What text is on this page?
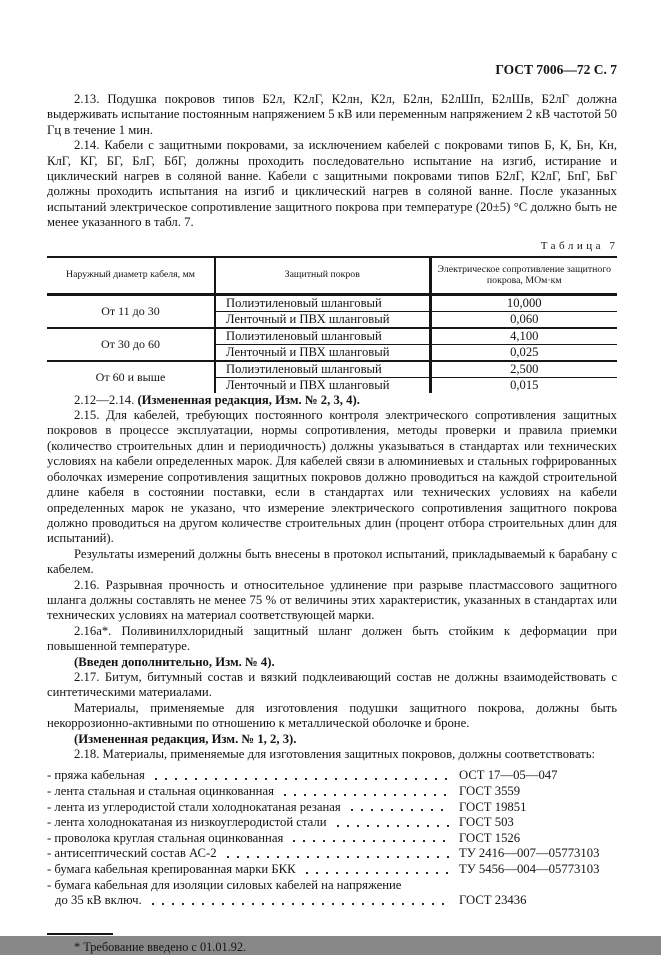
ГОСТ 7006—72 С. 7

2.13. Подушка покровов типов Б2л, К2лГ, К2лн, К2л, Б2лн, Б2лШп, Б2лШв, Б2лГ должна выдерживать испытание постоянным напряжением 5 кВ или переменным напряжением 2 кВ частотой 50 Гц в течение 1 мин.

2.14. Кабели с защитными покровами, за исключением кабелей с покровами типов Б, К, Бн, Кн, КлГ, КГ, БГ, БлГ, БбГ, должны проходить последовательно испытание на изгиб, истирание и циклический нагрев в соляной ванне. Кабели с защитными покровами типов Б2лГ, К2лГ, БпГ, БвГ должны проходить испытания на изгиб и циклический нагрев в соляной ванне. После указанных испытаний электрическое сопротивление защитного покрова при температуре (20±5) °С должно быть не менее указанного в табл. 7.

Таблица 7
Наружный диаметр кабеля, мм	Защитный покров	Электрическое сопротивление защитного покрова, МОм·км
От 11 до 30	Полиэтиленовый шланговый	10,000
	Ленточный и ПВХ шланговый	0,060
От 30 до 60	Полиэтиленовый шланговый	4,100
	Ленточный и ПВХ шланговый	0,025
От 60 и выше	Полиэтиленовый шланговый	2,500
	Ленточный и ПВХ шланговый	0,015

2.12—2.14. (Измененная редакция, Изм. № 2, 3, 4).

2.15. Для кабелей, требующих постоянного контроля электрического сопротивления защитных покровов в процессе эксплуатации, нормы сопротивления, методы проверки и правила приемки (количество строительных длин и периодичность) должны указываться в стандартах или технических условиях на кабели определенных марок. Для кабелей связи в алюминиевых и стальных гофрированных оболочках измерение сопротивления защитных покровов должно проводиться на каждой строительной длине кабеля в состоянии поставки, если в стандартах или технических условиях на кабели определенных марок не указано, что измерение электрического сопротивления защитного покрова должно проводиться на другом количестве строительных длин (процент отбора строительных длин для испытаний).

Результаты измерений должны быть внесены в протокол испытаний, прикладываемый к барабану с кабелем.

2.16. Разрывная прочность и относительное удлинение при разрыве пластмассового защитного шланга должны составлять не менее 75 % от величины этих характеристик, указанных в стандартах или технических условиях на материал соответствующей марки.

2.16а*. Поливинилхлоридный защитный шланг должен быть стойким к деформации при повышенной температуре.

(Введен дополнительно, Изм. № 4).

2.17. Битум, битумный состав и вязкий подклеивающий состав не должны взаимодействовать с синтетическими материалами.

Материалы, применяемые для изготовления подушки защитного покрова, должны быть некоррозионно-активными по отношению к металлической оболочке и броне.

(Измененная редакция, Изм. № 1, 2, 3).

2.18. Материалы, применяемые для изготовления защитных покровов, должны соответствовать:

- пряжа кабельная	ОСТ 17—05—047
- лента стальная и стальная оцинкованная	ГОСТ 3559
- лента из углеродистой стали холоднокатаная резаная	ГОСТ 19851
- лента холоднокатаная из низкоуглеродистой стали	ГОСТ 503
- проволока круглая стальная оцинкованная	ГОСТ 1526
- антисептический состав АС-2	ТУ 2416—007—05773103
- бумага кабельная крепированная марки БКК	ТУ 5456—004—05773103
- бумага кабельная для изоляции силовых кабелей на напряжение
до 35 кВ включ.	ГОСТ 23436

* Требование введено с 01.01.92.
